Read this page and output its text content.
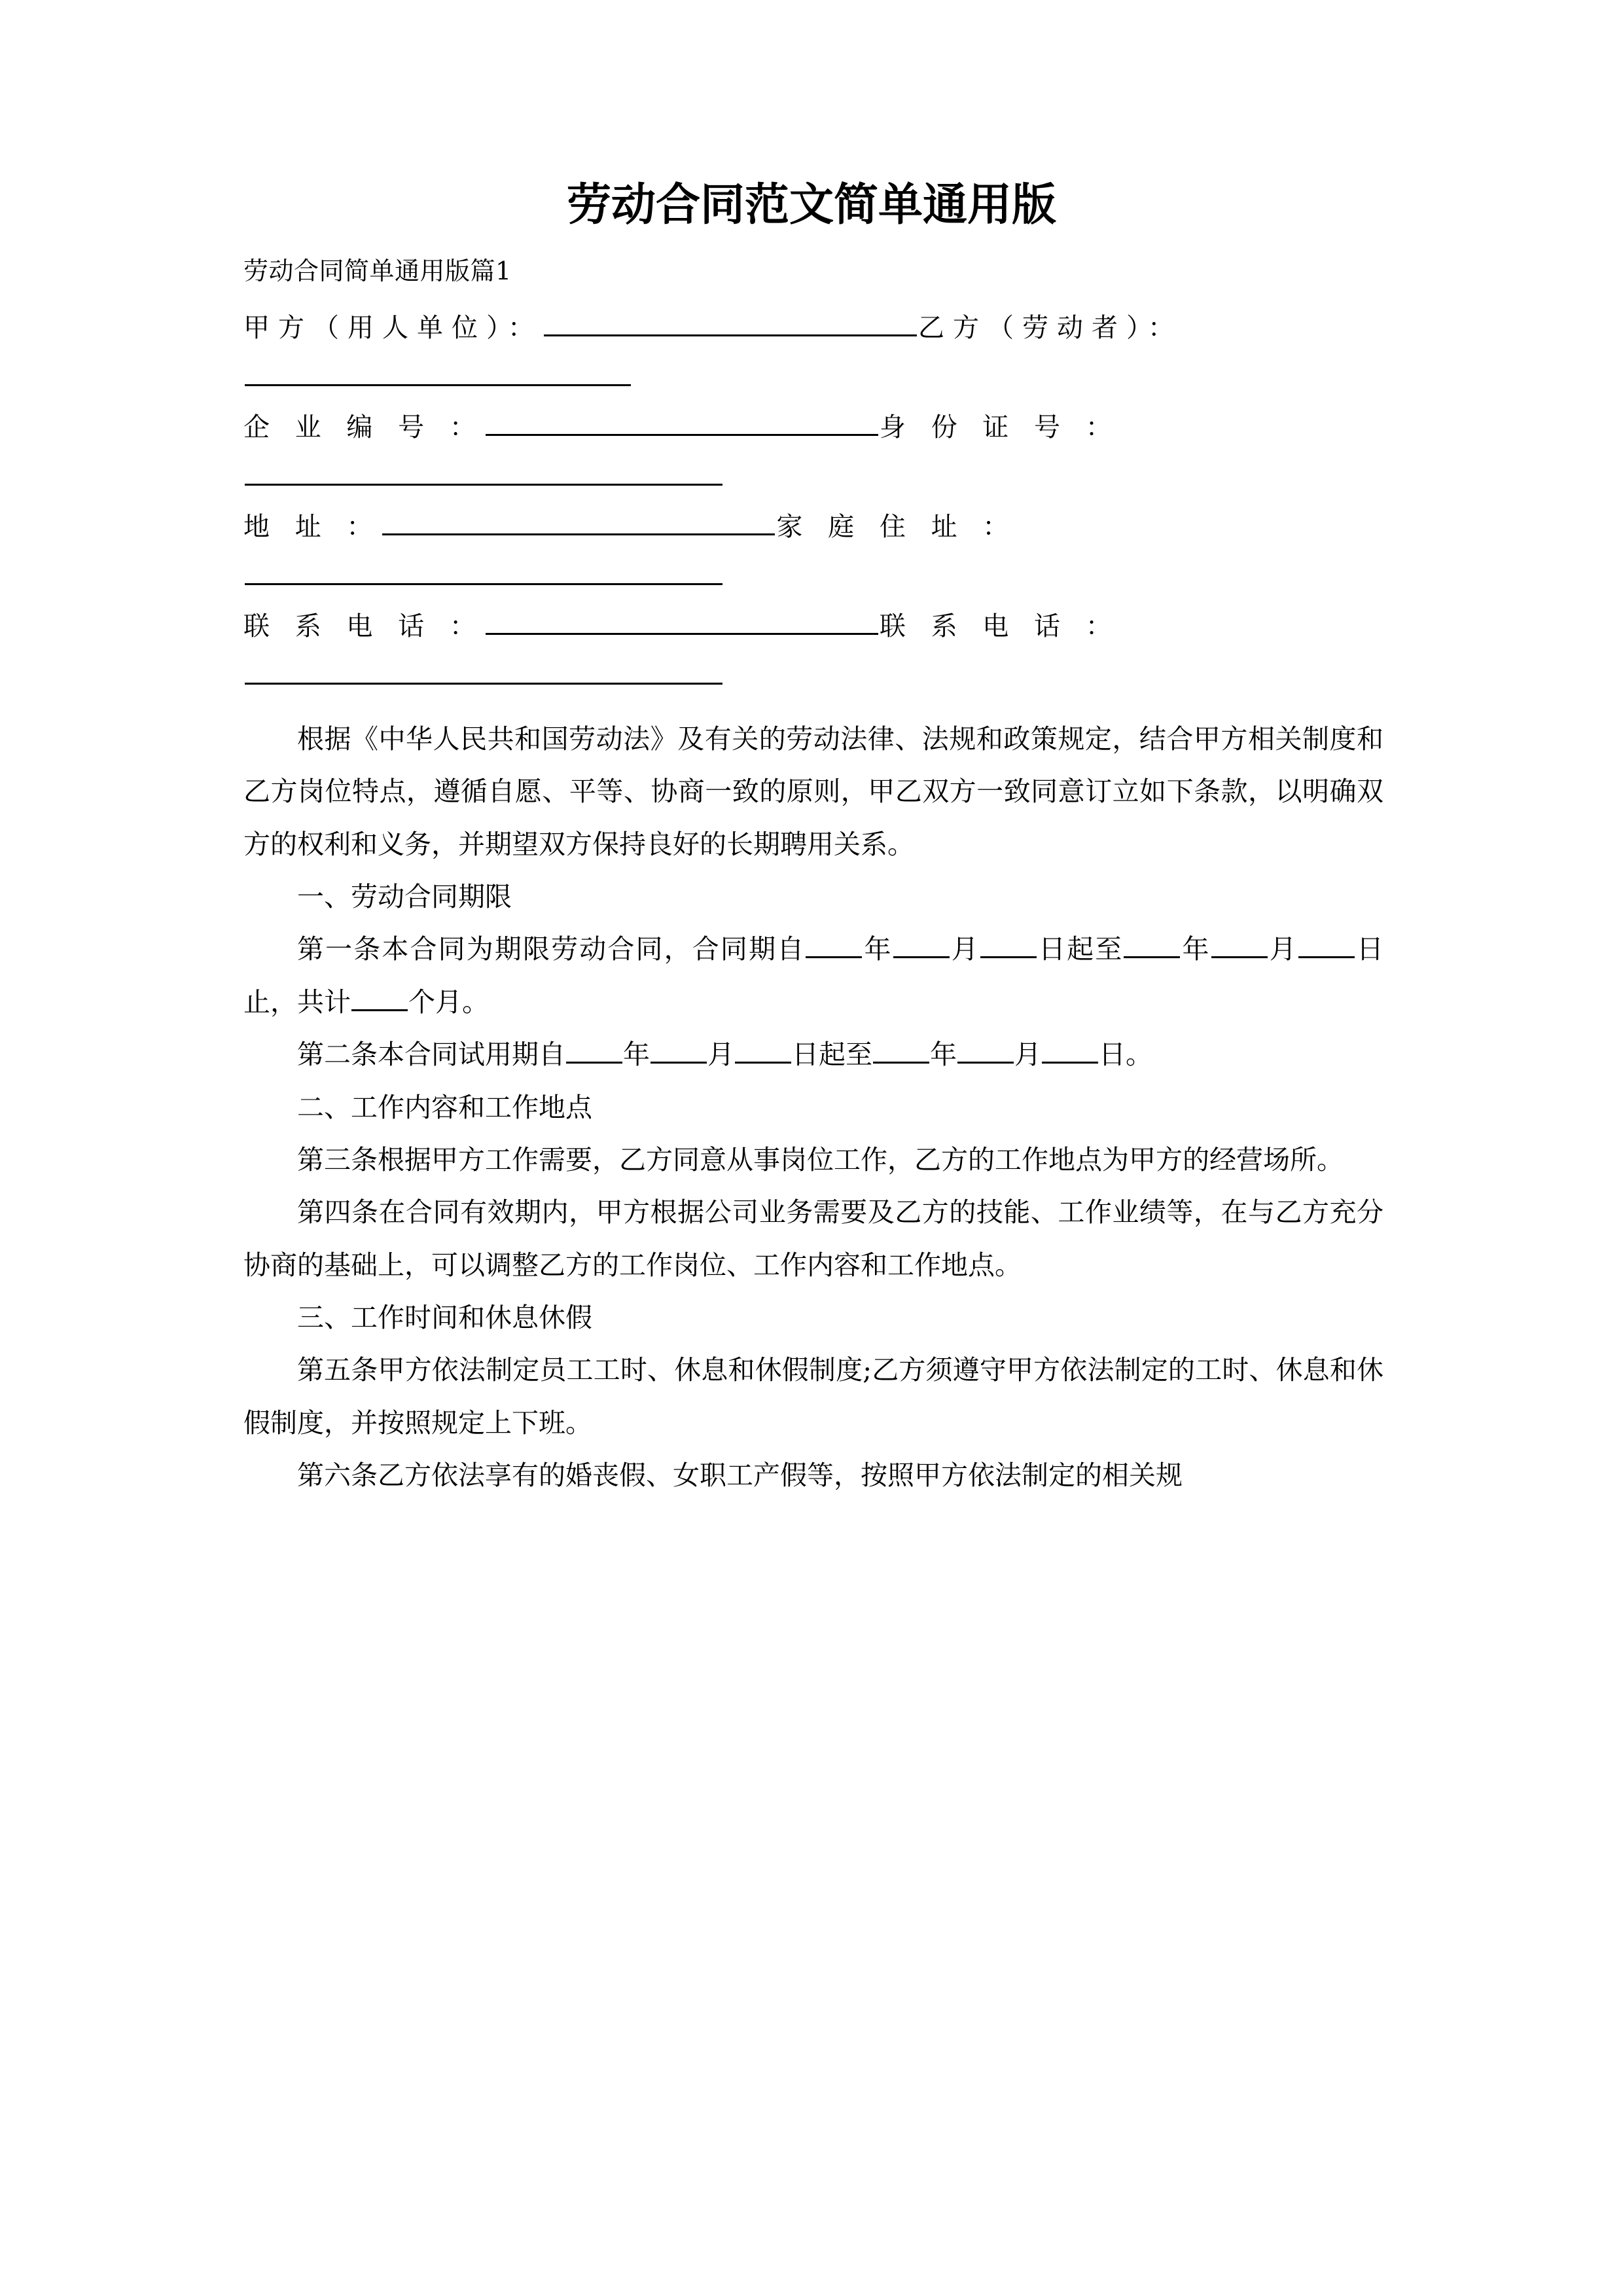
劳动合同范文简单通用版
劳动合同简单通用版篇1
甲方（用人单位）：	乙方（劳动者）：
企 业 编 号 ：	身 份 证 号 ：
地 址 ：	家 庭 住 址 ：
联 系 电 话 ：	联 系 电 话 ：

根据《中华人民共和国劳动法》及有关的劳动法律、法规和政策规定，结合甲方相关制度和乙方岗位特点，遵循自愿、平等、协商一致的原则，甲乙双方一致同意订立如下条款，以明确双方的权利和义务，并期望双方保持良好的长期聘用关系。

一、劳动合同期限

第一条本合同为期限劳动合同，合同期自 年 月 日起至 年 月 日止，共计 个月。

第二条本合同试用期自 年 月 日起至 年 月 日。

二、工作内容和工作地点

第三条根据甲方工作需要，乙方同意从事岗位工作，乙方的工作地点为甲方的经营场所。

第四条在合同有效期内，甲方根据公司业务需要及乙方的技能、工作业绩等，在与乙方充分协商的基础上，可以调整乙方的工作岗位、工作内容和工作地点。

三、工作时间和休息休假

第五条甲方依法制定员工工时、休息和休假制度;乙方须遵守甲方依法制定的工时、休息和休假制度，并按照规定上下班。

第六条乙方依法享有的婚丧假、女职工产假等，按照甲方依法制定的相关规
